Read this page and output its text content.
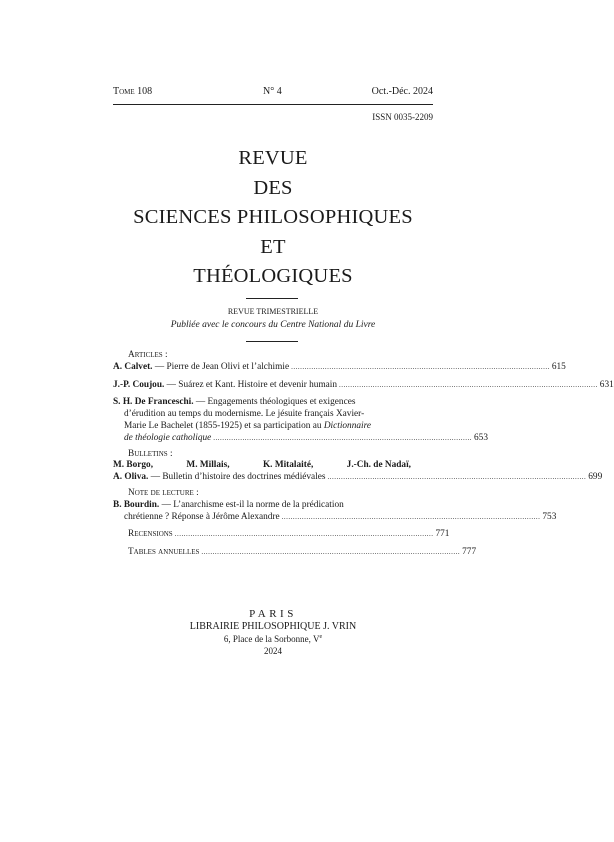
Tome 108	N° 4	Oct.-Déc. 2024
ISSN 0035-2209
REVUE
DES
SCIENCES PHILOSOPHIQUES
ET
THÉOLOGIQUES
REVUE TRIMESTRIELLE
Publiée avec le concours du Centre National du Livre
Articles :
A. Calvet. — Pierre de Jean Olivi et l’alchimie ................................................................................................................... 615
J.-P. Coujou. — Suárez et Kant. Histoire et devenir humain ................................................................................................................... 631
S. H. De Franceschi. — Engagements théologiques et exigences
d’érudition au temps du modernisme. Le jésuite français Xavier-
Marie Le Bachelet (1855-1925) et sa participation au Dictionnaire
de théologie catholique ................................................................................................................... 653
Bulletins :
M. Borgo,	M. Millais,	K. Mitalaité,	J.-Ch. de Nadaï,
A. Oliva. — Bulletin d’histoire des doctrines médiévales ................................................................................................................... 699
Note de lecture :
B. Bourdin. — L’anarchisme est-il la norme de la prédication
chrétienne ? Réponse à Jérôme Alexandre ................................................................................................................... 753
Recensions ................................................................................................................... 771
Tables annuelles ................................................................................................................... 777
PARIS
LIBRAIRIE PHILOSOPHIQUE J. VRIN
6, Place de la Sorbonne, Ve
2024
